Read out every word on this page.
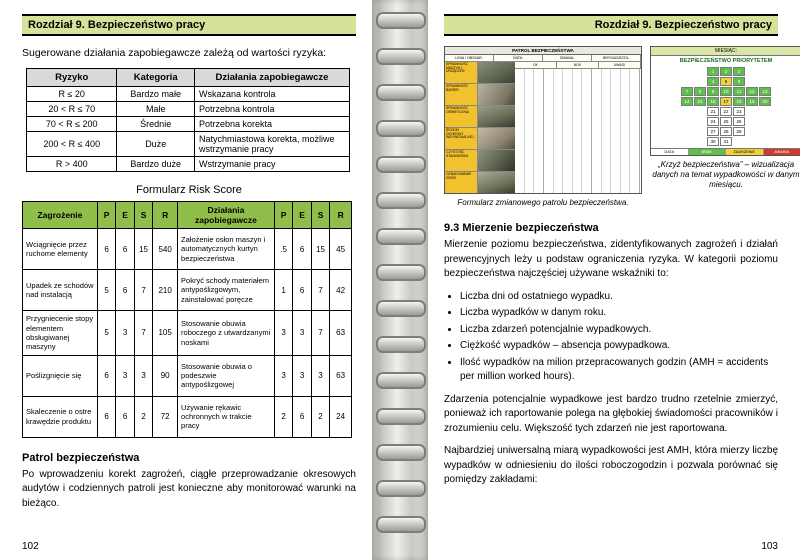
Rozdział 9. Bezpieczeństwo pracy
Sugerowane działania zapobiegawcze zależą od wartości ryzyka:
Ryzyko	Kategoria	Działania zapobiegawcze
R ≤ 20	Bardzo małe	Wskazana kontrola
20 < R ≤ 70	Małe	Potrzebna kontrola
70 < R ≤ 200	Średnie	Potrzebna korekta
200 < R ≤ 400	Duże	Natychmiastowa korekta, możliwe wstrzymanie pracy
R > 400	Bardzo duże	Wstrzymanie pracy
Formularz Risk Score
Zagrożenie	P	E	S	R	Działania zapobiegawcze	P	E	S	R
Wciągnięcie przez ruchome elementy	6	6	15	540	Założenie osłon maszyn i automatycznych kurtyn bezpieczeństwa	.5	6	15	45
Upadek ze schodów nad instalacją	5	6	7	210	Pokryć schody materiałem antypoślizgowym, zainstalować poręcze	1	6	7	42
Przygniecenie stopy elementem obsługiwanej maszyny	5	3	7	105	Stosowanie obuwia roboczego z utwardzanymi noskami	3	3	7	63
Poślizgnięcie się	6	3	3	90	Stosowanie obuwia o podeszwie antypoślizgowej	3	3	3	63
Skaleczenie o ostre krawędzie produktu	6	6	2	72	Używanie rękawic ochronnych w trakcie pracy	2	6	2	24
Patrol bezpieczeństwa

Po wprowadzeniu korekt zagrożeń, ciągłe przeprowadzanie okresowych audytów i codziennych patroli jest konieczne aby monitorować warunki na bieżąco.

102
Rozdział 9. Bezpieczeństwo pracy
PATROL BEZPIECZEŃSTWA
LINIA / OBSZAR:	DATA:	ZMIANA:	BRYGADZISTA:
SPRAWNOŚĆ MASZYN I URZĄDZEŃ
SPRAWNOŚĆ BARIER
SPRAWNOŚĆ OŚWIETLENIA
ŚRODKI OCHRONY INDYWIDUALNEJ
CZYSTOŚĆ STANOWISKA
OZNAKOWANIE DRÓG
OK	NOK	UWAGI
Formularz zmianowego patrolu bezpieczeństwa.
MIESIĄC:
BEZPIECZEŃSTWO PRIORYTETEM
1	2	3
4	5	6
7	8	9	10	11	12	13
14	15	16	17	18	19	20
21	22	23
24	25	26
27	28	29
30	31
DATA	BRAK	ZDARZENIE	AWARIA
„Krzyż bezpieczeństwa” – wizualizacja danych na temat wypadkowości w danym miesiącu.
9.3 Mierzenie bezpieczeństwa

Mierzenie poziomu bezpieczeństwa, zidentyfikowanych zagrożeń i działań prewencyjnych leży u podstaw ograniczenia ryzyka. W kategorii poziomu bezpieczeństwa najczęściej używane wskaźniki to:

• Liczba dni od ostatniego wypadku.
• Liczba wypadków w danym roku.
• Liczba zdarzeń potencjalnie wypadkowych.
• Ciężkość wypadków – absencja powypadkowa.
• Ilość wypadków na milion przepracowanych godzin (AMH = accidents per million worked hours).

Zdarzenia potencjalnie wypadkowe jest bardzo trudno rzetelnie zmierzyć, ponieważ ich raportowanie polega na głębokiej świadomości pracowników i zrozumieniu celu. Większość tych zdarzeń nie jest raportowana.

Najbardziej uniwersalną miarą wypadkowości jest AMH, która mierzy liczbę wypadków w odniesieniu do ilości roboczogodzin i pozwala porównać się pomiędzy zakładami:

103
